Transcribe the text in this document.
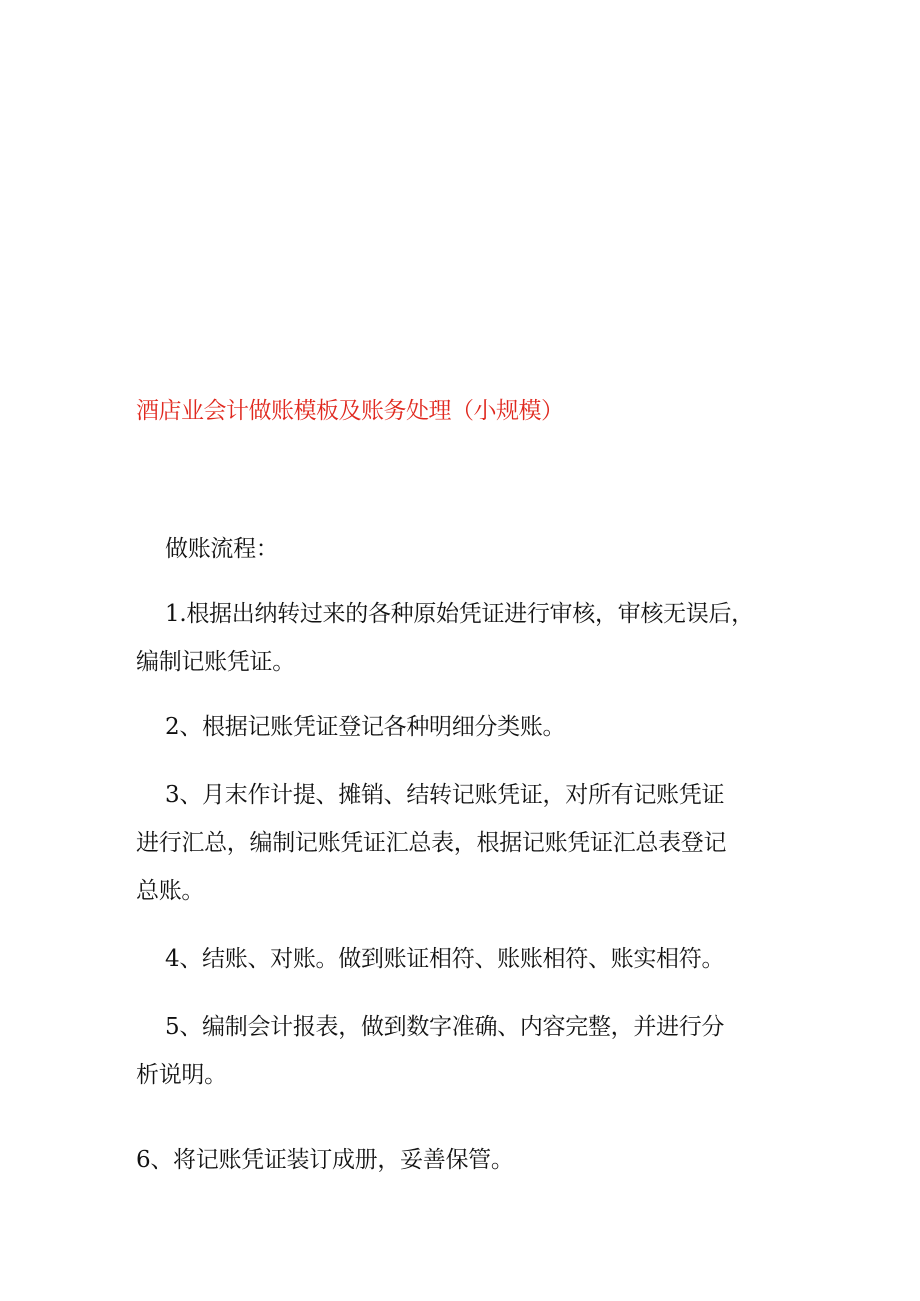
酒店业会计做账模板及账务处理（小规模）
做账流程：
1.根据出纳转过来的各种原始凭证进行审核，审核无误后，
编制记账凭证。
2、根据记账凭证登记各种明细分类账。
3、月末作计提、摊销、结转记账凭证，对所有记账凭证
进行汇总，编制记账凭证汇总表，根据记账凭证汇总表登记
总账。
4、结账、对账。做到账证相符、账账相符、账实相符。
5、编制会计报表，做到数字准确、内容完整，并进行分
析说明。
6、将记账凭证装订成册，妥善保管。
